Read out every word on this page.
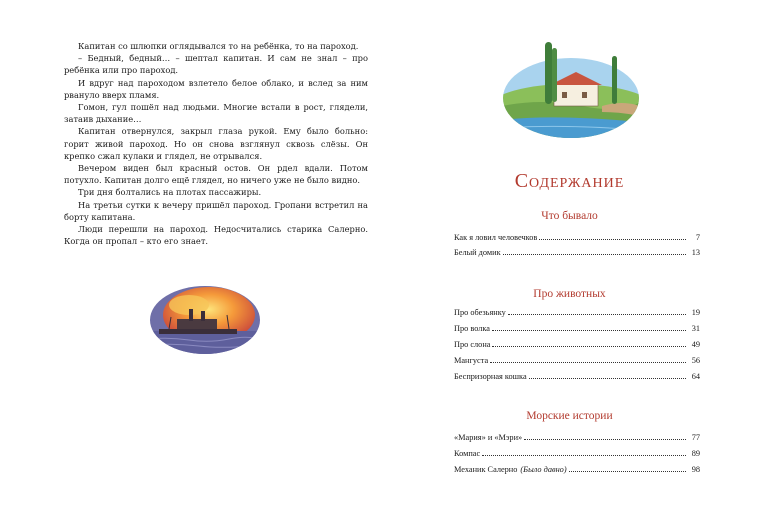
Капитан со шлюпки оглядывался то на ребёнка, то на пароход.

– Бедный, бедный… – шептал капитан. И сам не знал – про ребёнка или про пароход.

И вдруг над пароходом взлетело белое облако, и вслед за ним рвануло вверх пламя.

Гомон, гул пошёл над людьми. Многие встали в рост, глядели, затаив дыхание…

Капитан отвернулся, закрыл глаза рукой. Ему было больно: горит живой пароход. Но он снова взглянул сквозь слёзы. Он крепко сжал кулаки и глядел, не отрывался.

Вечером виден был красный остов. Он рдел вдали. Потом потухло. Капитан долго ещё глядел, но ничего уже не было видно.

Три дня болтались на плотах пассажиры.

На третьи сутки к вечеру пришёл пароход. Гропани встретил на борту капитана.

Люди перешли на пароход. Недосчитались старика Салерно. Когда он пропал – кто его знает.

Содержание
Что бывало
Как я ловил человечков	7
Белый домик	13
Про животных
Про обезьянку	19
Про волка	31
Про слона	49
Мангуста	56
Беспризорная кошка	64
Морские истории
«Мария» и «Мэри»	77
Компас	89
Механик Салерно (Было давно)	98
